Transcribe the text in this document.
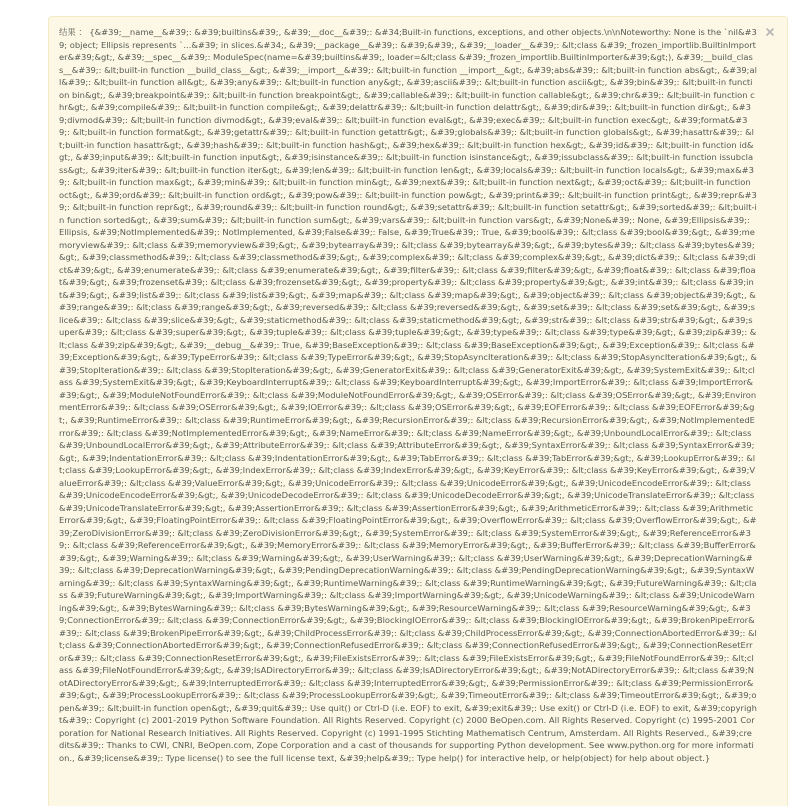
结果 ： {&#39;__name__&#39;: &#39;builtins&#39;, &#39;__doc__&#39;: &#34;Built-in functions, exceptions, and other objects.\n\nNoteworthy: None is the `nil&#39; object; Ellipsis represents `...&#39; in slices.&#34;, &#39;__package__&#39;: &#39;&#39;, &#39;__loader__&#39;: &lt;class &#39;_frozen_importlib.BuiltinImporter&#39;&gt;, &#39;__spec__&#39;: ModuleSpec(name=&#39;builtins&#39;, loader=&lt;class &#39;_frozen_importlib.BuiltinImporter&#39;&gt;), &#39;__build_class__&#39;: &lt;built-in function __build_class__&gt;, &#39;__import__&#39;: &lt;built-in function __import__&gt;, &#39;abs&#39;: &lt;built-in function abs&gt;, &#39;all&#39;: &lt;built-in function all&gt;, &#39;any&#39;: &lt;built-in function any&gt;, &#39;ascii&#39;: &lt;built-in function ascii&gt;, &#39;bin&#39;: &lt;built-in function bin&gt;, &#39;breakpoint&#39;: &lt;built-in function breakpoint&gt;, &#39;callable&#39;: &lt;built-in function callable&gt;, &#39;chr&#39;: &lt;built-in function chr&gt;, &#39;compile&#39;: &lt;built-in function compile&gt;, &#39;delattr&#39;: &lt;built-in function delattr&gt;, &#39;dir&#39;: &lt;built-in function dir&gt;, &#39;divmod&#39;: &lt;built-in function divmod&gt;, &#39;eval&#39;: &lt;built-in function eval&gt;, &#39;exec&#39;: &lt;built-in function exec&gt;, &#39;format&#39;: &lt;built-in function format&gt;, &#39;getattr&#39;: &lt;built-in function getattr&gt;, &#39;globals&#39;: &lt;built-in function globals&gt;, &#39;hasattr&#39;: &lt;built-in function hasattr&gt;, &#39;hash&#39;: &lt;built-in function hash&gt;, &#39;hex&#39;: &lt;built-in function hex&gt;, &#39;id&#39;: &lt;built-in function id&gt;, &#39;input&#39;: &lt;built-in function input&gt;, &#39;isinstance&#39;: &lt;built-in function isinstance&gt;, &#39;issubclass&#39;: &lt;built-in function issubclass&gt;, &#39;iter&#39;: &lt;built-in function iter&gt;, &#39;len&#39;: &lt;built-in function len&gt;, &#39;locals&#39;: &lt;built-in function locals&gt;, &#39;max&#39;: &lt;built-in function max&gt;, &#39;min&#39;: &lt;built-in function min&gt;, &#39;next&#39;: &lt;built-in function next&gt;, &#39;oct&#39;: &lt;built-in function oct&gt;, &#39;ord&#39;: &lt;built-in function ord&gt;, &#39;pow&#39;: &lt;built-in function pow&gt;, &#39;print&#39;: &lt;built-in function print&gt;, &#39;repr&#39;: &lt;built-in function repr&gt;, &#39;round&#39;: &lt;built-in function round&gt;, &#39;setattr&#39;: &lt;built-in function setattr&gt;, &#39;sorted&#39;: &lt;built-in function sorted&gt;, &#39;sum&#39;: &lt;built-in function sum&gt;, &#39;vars&#39;: &lt;built-in function vars&gt;, &#39;None&#39;: None, &#39;Ellipsis&#39;: Ellipsis, &#39;NotImplemented&#39;: NotImplemented, &#39;False&#39;: False, &#39;True&#39;: True, &#39;bool&#39;: &lt;class &#39;bool&#39;&gt;, &#39;memoryview&#39;: &lt;class &#39;memoryview&#39;&gt;, &#39;bytearray&#39;: &lt;class &#39;bytearray&#39;&gt;, &#39;bytes&#39;: &lt;class &#39;bytes&#39;&gt;, &#39;classmethod&#39;: &lt;class &#39;classmethod&#39;&gt;, &#39;complex&#39;: &lt;class &#39;complex&#39;&gt;, &#39;dict&#39;: &lt;class &#39;dict&#39;&gt;, &#39;enumerate&#39;: &lt;class &#39;enumerate&#39;&gt;, &#39;filter&#39;: &lt;class &#39;filter&#39;&gt;, &#39;float&#39;: &lt;class &#39;float&#39;&gt;, &#39;frozenset&#39;: &lt;class &#39;frozenset&#39;&gt;, &#39;property&#39;: &lt;class &#39;property&#39;&gt;, &#39;int&#39;: &lt;class &#39;int&#39;&gt;, &#39;list&#39;: &lt;class &#39;list&#39;&gt;, &#39;map&#39;: &lt;class &#39;map&#39;&gt;, &#39;object&#39;: &lt;class &#39;object&#39;&gt;, &#39;range&#39;: &lt;class &#39;range&#39;&gt;, &#39;reversed&#39;: &lt;class &#39;reversed&#39;&gt;, &#39;set&#39;: &lt;class &#39;set&#39;&gt;, &#39;slice&#39;: &lt;class &#39;slice&#39;&gt;, &#39;staticmethod&#39;: &lt;class &#39;staticmethod&#39;&gt;, &#39;str&#39;: &lt;class &#39;str&#39;&gt;, &#39;super&#39;: &lt;class &#39;super&#39;&gt;, &#39;tuple&#39;: &lt;class &#39;tuple&#39;&gt;, &#39;type&#39;: &lt;class &#39;type&#39;&gt;, &#39;zip&#39;: &lt;class &#39;zip&#39;&gt;, &#39;__debug__&#39;: True, &#39;BaseException&#39;: &lt;class &#39;BaseException&#39;&gt;, &#39;Exception&#39;: &lt;class &#39;Exception&#39;&gt;, &#39;TypeError&#39;: &lt;class &#39;TypeError&#39;&gt;, &#39;StopAsyncIteration&#39;: &lt;class &#39;StopAsyncIteration&#39;&gt;, &#39;StopIteration&#39;: &lt;class &#39;StopIteration&#39;&gt;, &#39;GeneratorExit&#39;: &lt;class &#39;GeneratorExit&#39;&gt;, &#39;SystemExit&#39;: &lt;class &#39;SystemExit&#39;&gt;, &#39;KeyboardInterrupt&#39;: &lt;class &#39;KeyboardInterrupt&#39;&gt;, &#39;ImportError&#39;: &lt;class &#39;ImportError&#39;&gt;, &#39;ModuleNotFoundError&#39;: &lt;class &#39;ModuleNotFoundError&#39;&gt;, &#39;OSError&#39;: &lt;class &#39;OSError&#39;&gt;, &#39;EnvironmentError&#39;: &lt;class &#39;OSError&#39;&gt;, &#39;IOError&#39;: &lt;class &#39;OSError&#39;&gt;, &#39;EOFError&#39;: &lt;class &#39;EOFError&#39;&gt;, &#39;RuntimeError&#39;: &lt;class &#39;RuntimeError&#39;&gt;, &#39;RecursionError&#39;: &lt;class &#39;RecursionError&#39;&gt;, &#39;NotImplementedError&#39;: &lt;class &#39;NotImplementedError&#39;&gt;, &#39;NameError&#39;: &lt;class &#39;NameError&#39;&gt;, &#39;UnboundLocalError&#39;: &lt;class &#39;UnboundLocalError&#39;&gt;, &#39;AttributeError&#39;: &lt;class &#39;AttributeError&#39;&gt;, &#39;SyntaxError&#39;: &lt;class &#39;SyntaxError&#39;&gt;, &#39;IndentationError&#39;: &lt;class &#39;IndentationError&#39;&gt;, &#39;TabError&#39;: &lt;class &#39;TabError&#39;&gt;, &#39;LookupError&#39;: &lt;class &#39;LookupError&#39;&gt;, &#39;IndexError&#39;: &lt;class &#39;IndexError&#39;&gt;, &#39;KeyError&#39;: &lt;class &#39;KeyError&#39;&gt;, &#39;ValueError&#39;: &lt;class &#39;ValueError&#39;&gt;, &#39;UnicodeError&#39;: &lt;class &#39;UnicodeError&#39;&gt;, &#39;UnicodeEncodeError&#39;: &lt;class &#39;UnicodeEncodeError&#39;&gt;, &#39;UnicodeDecodeError&#39;: &lt;class &#39;UnicodeDecodeError&#39;&gt;, &#39;UnicodeTranslateError&#39;: &lt;class &#39;UnicodeTranslateError&#39;&gt;, &#39;AssertionError&#39;: &lt;class &#39;AssertionError&#39;&gt;, &#39;ArithmeticError&#39;: &lt;class &#39;ArithmeticError&#39;&gt;, &#39;FloatingPointError&#39;: &lt;class &#39;FloatingPointError&#39;&gt;, &#39;OverflowError&#39;: &lt;class &#39;OverflowError&#39;&gt;, &#39;ZeroDivisionError&#39;: &lt;class &#39;ZeroDivisionError&#39;&gt;, &#39;SystemError&#39;: &lt;class &#39;SystemError&#39;&gt;, &#39;ReferenceError&#39;: &lt;class &#39;ReferenceError&#39;&gt;, &#39;MemoryError&#39;: &lt;class &#39;MemoryError&#39;&gt;, &#39;BufferError&#39;: &lt;class &#39;BufferError&#39;&gt;, &#39;Warning&#39;: &lt;class &#39;Warning&#39;&gt;, &#39;UserWarning&#39;: &lt;class &#39;UserWarning&#39;&gt;, &#39;DeprecationWarning&#39;: &lt;class &#39;DeprecationWarning&#39;&gt;, &#39;PendingDeprecationWarning&#39;: &lt;class &#39;PendingDeprecationWarning&#39;&gt;, &#39;SyntaxWarning&#39;: &lt;class &#39;SyntaxWarning&#39;&gt;, &#39;RuntimeWarning&#39;: &lt;class &#39;RuntimeWarning&#39;&gt;, &#39;FutureWarning&#39;: &lt;class &#39;FutureWarning&#39;&gt;, &#39;ImportWarning&#39;: &lt;class &#39;ImportWarning&#39;&gt;, &#39;UnicodeWarning&#39;: &lt;class &#39;UnicodeWarning&#39;&gt;, &#39;BytesWarning&#39;: &lt;class &#39;BytesWarning&#39;&gt;, &#39;ResourceWarning&#39;: &lt;class &#39;ResourceWarning&#39;&gt;, &#39;ConnectionError&#39;: &lt;class &#39;ConnectionError&#39;&gt;, &#39;BlockingIOError&#39;: &lt;class &#39;BlockingIOError&#39;&gt;, &#39;BrokenPipeError&#39;: &lt;class &#39;BrokenPipeError&#39;&gt;, &#39;ChildProcessError&#39;: &lt;class &#39;ChildProcessError&#39;&gt;, &#39;ConnectionAbortedError&#39;: &lt;class &#39;ConnectionAbortedError&#39;&gt;, &#39;ConnectionRefusedError&#39;: &lt;class &#39;ConnectionRefusedError&#39;&gt;, &#39;ConnectionResetError&#39;: &lt;class &#39;ConnectionResetError&#39;&gt;, &#39;FileExistsError&#39;: &lt;class &#39;FileExistsError&#39;&gt;, &#39;FileNotFoundError&#39;: &lt;class &#39;FileNotFoundError&#39;&gt;, &#39;IsADirectoryError&#39;: &lt;class &#39;IsADirectoryError&#39;&gt;, &#39;NotADirectoryError&#39;: &lt;class &#39;NotADirectoryError&#39;&gt;, &#39;InterruptedError&#39;: &lt;class &#39;InterruptedError&#39;&gt;, &#39;PermissionError&#39;: &lt;class &#39;PermissionError&#39;&gt;, &#39;ProcessLookupError&#39;: &lt;class &#39;ProcessLookupError&#39;&gt;, &#39;TimeoutError&#39;: &lt;class &#39;TimeoutError&#39;&gt;, &#39;open&#39;: &lt;built-in function open&gt;, &#39;quit&#39;: Use quit() or Ctrl-D (i.e. EOF) to exit, &#39;exit&#39;: Use exit() or Ctrl-D (i.e. EOF) to exit, &#39;copyright&#39;: Copyright (c) 2001-2019 Python Software Foundation. All Rights Reserved. Copyright (c) 2000 BeOpen.com. All Rights Reserved. Copyright (c) 1995-2001 Corporation for National Research Initiatives. All Rights Reserved. Copyright (c) 1991-1995 Stichting Mathematisch Centrum, Amsterdam. All Rights Reserved., &#39;credits&#39;: Thanks to CWI, CNRI, BeOpen.com, Zope Corporation and a cast of thousands for supporting Python development. See www.python.org for more information., &#39;license&#39;: Type license() to see the full license text, &#39;help&#39;: Type help() for interactive help, or help(object) for help about object.}
